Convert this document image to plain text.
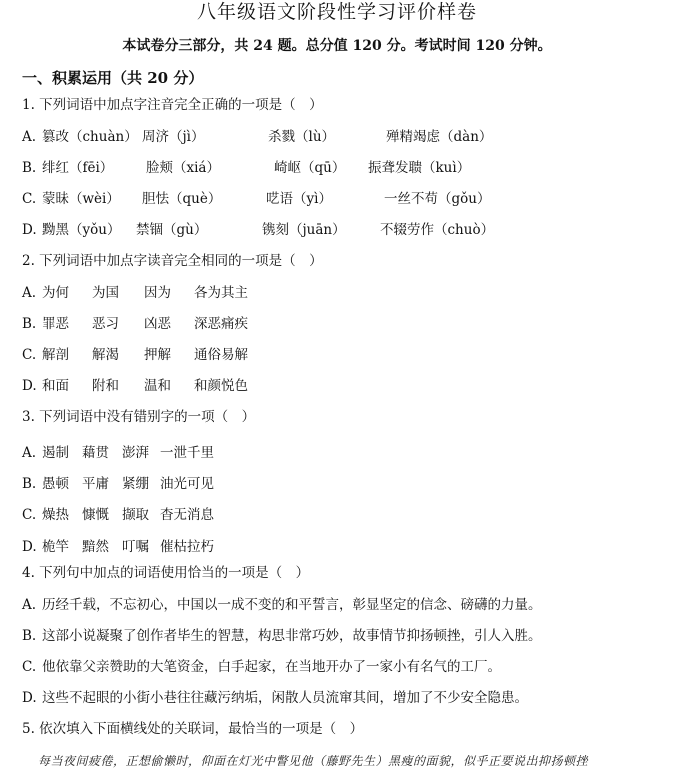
八年级语文阶段性学习评价样卷
本试卷分三部分，共 24 题。总分值 120 分。考试时间 120 分钟。
一、积累运用（共 20 分）
1. 下列词语中加点字注音完全正确的一项是（　）
A. 篡改（chuàn） 周济（jì）	杀戮（lù）	殚精竭虑（dàn）
B. 绯红（fēi） 脸颊（xiá）	崎岖（qū） 振聋发聩（kuì）
C. 蒙昧（wèi） 胆怯（què）	呓语（yì）	一丝不苟（gǒu）
D. 黝黑（yǒu） 禁锢（gù）	镌刻（juān）	不辍劳作（chuò）
2. 下列词语中加点字读音完全相同的一项是（　）
A. 为何 为国 因为 各为其主
B. 罪恶 恶习 凶恶 深恶痛疾
C. 解剖 解渴 押解 通俗易解
D. 和面 附和 温和 和颜悦色
3. 下列词语中没有错别字的一项（　）
A. 遏制 藉贯 澎湃 一泄千里
B. 愚顿 平庸 紧绷 油光可见
C. 燥热 慷慨 撷取 杳无消息
D. 桅竿 黯然 叮嘱 催枯拉朽
4. 下列句中加点的词语使用恰当的一项是（　）
A. 历经千载，不忘初心，中国以一成不变的和平誓言，彰显坚定的信念、磅礴的力量。
B. 这部小说凝聚了创作者毕生的智慧，构思非常巧妙，故事情节抑扬顿挫，引人入胜。
C. 他依靠父亲赞助的大笔资金，白手起家，在当地开办了一家小有名气的工厂。
D. 这些不起眼的小街小巷往往藏污纳垢，闲散人员流窜其间，增加了不少安全隐患。
5. 依次填入下面横线处的关联词，最恰当的一项是（　）
每当夜间疲倦，正想偷懒时，仰面在灯光中瞥见他（藤野先生）黑瘦的面貌，似乎正要说出抑扬顿挫
